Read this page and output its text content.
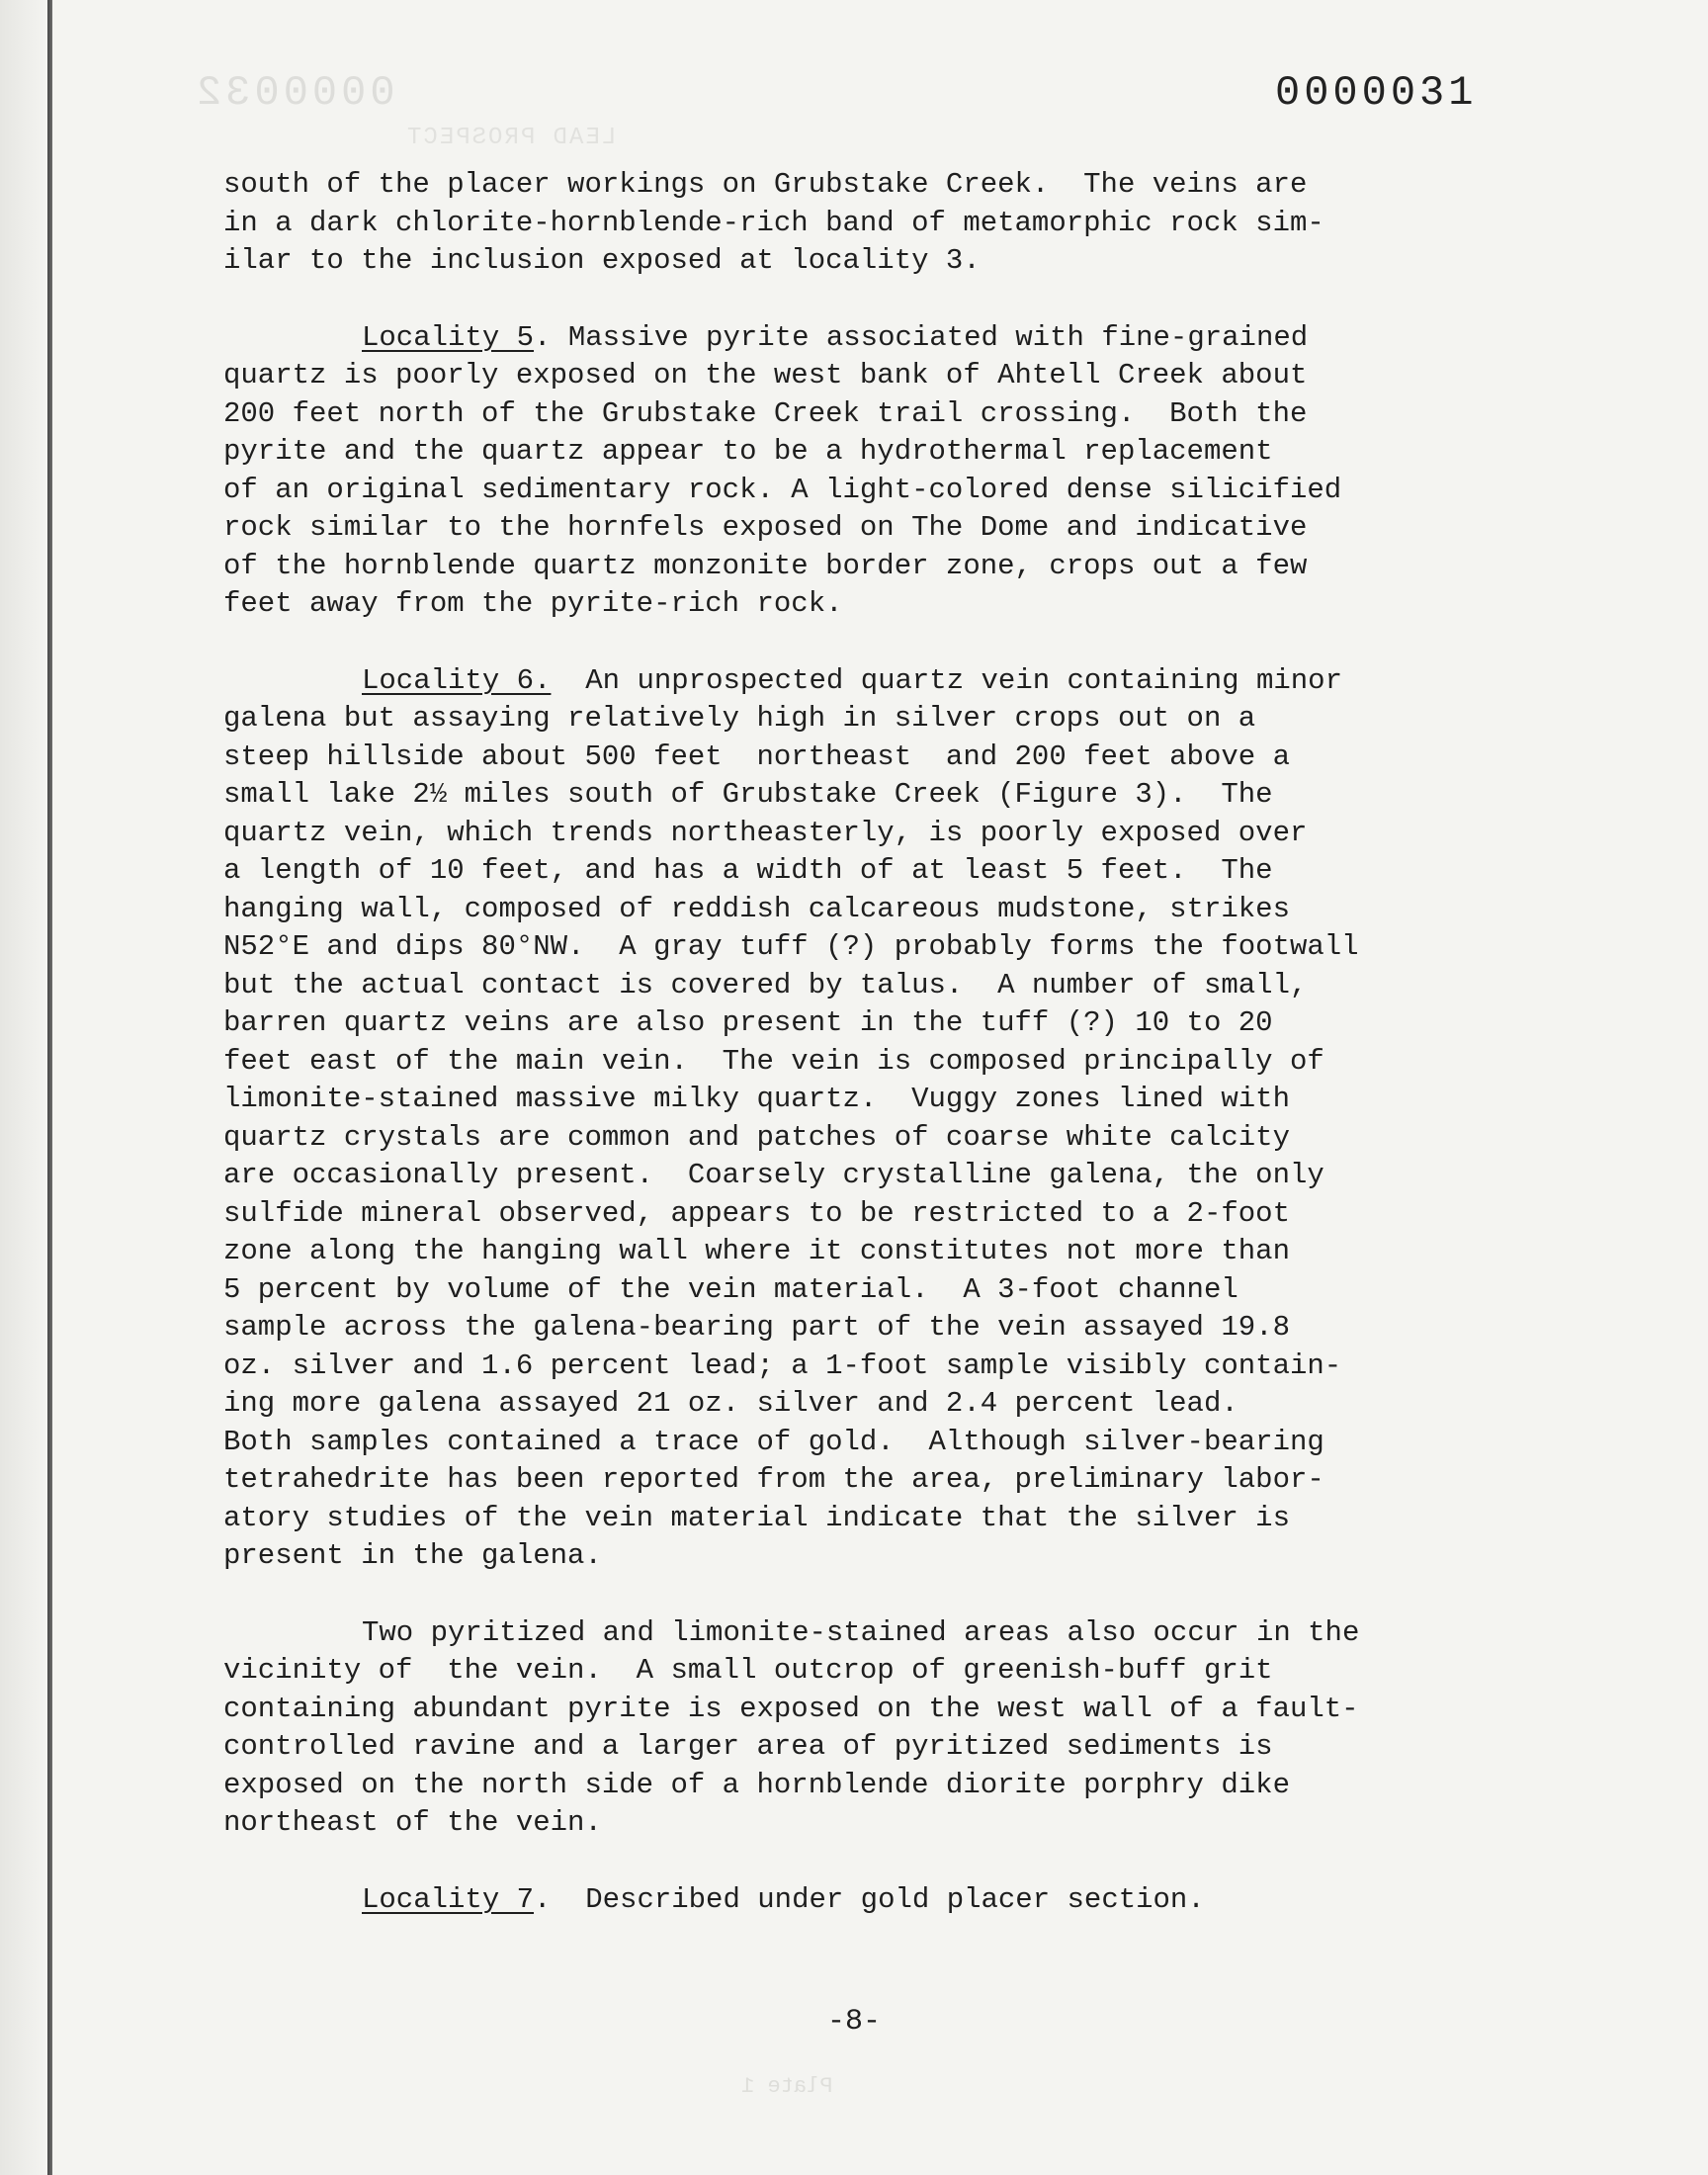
0000032
LEAD PROSPECT
0000031

south of the placer workings on Grubstake Creek.  The veins are
in a dark chlorite-hornblende-rich band of metamorphic rock sim-
ilar to the inclusion exposed at locality 3.

Locality 5. Massive pyrite associated with fine-grained
quartz is poorly exposed on the west bank of Ahtell Creek about
200 feet north of the Grubstake Creek trail crossing.  Both the
pyrite and the quartz appear to be a hydrothermal replacement
of an original sedimentary rock. A light-colored dense silicified
rock similar to the hornfels exposed on The Dome and indicative
of the hornblende quartz monzonite border zone, crops out a few
feet away from the pyrite-rich rock.

Locality 6.  An unprospected quartz vein containing minor
galena but assaying relatively high in silver crops out on a
steep hillside about 500 feet  northeast  and 200 feet above a
small lake 2½ miles south of Grubstake Creek (Figure 3).  The
quartz vein, which trends northeasterly, is poorly exposed over
a length of 10 feet, and has a width of at least 5 feet.  The
hanging wall, composed of reddish calcareous mudstone, strikes
N52°E and dips 80°NW.  A gray tuff (?) probably forms the footwall
but the actual contact is covered by talus.  A number of small,
barren quartz veins are also present in the tuff (?) 10 to 20
feet east of the main vein.  The vein is composed principally of
limonite-stained massive milky quartz.  Vuggy zones lined with
quartz crystals are common and patches of coarse white calcity
are occasionally present.  Coarsely crystalline galena, the only
sulfide mineral observed, appears to be restricted to a 2-foot
zone along the hanging wall where it constitutes not more than
5 percent by volume of the vein material.  A 3-foot channel
sample across the galena-bearing part of the vein assayed 19.8
oz. silver and 1.6 percent lead; a 1-foot sample visibly contain-
ing more galena assayed 21 oz. silver and 2.4 percent lead.
Both samples contained a trace of gold.  Although silver-bearing
tetrahedrite has been reported from the area, preliminary labor-
atory studies of the vein material indicate that the silver is
present in the galena.

Two pyritized and limonite-stained areas also occur in the
vicinity of  the vein.  A small outcrop of greenish-buff grit
containing abundant pyrite is exposed on the west wall of a fault-
controlled ravine and a larger area of pyritized sediments is
exposed on the north side of a hornblende diorite porphry dike
northeast of the vein.

Locality 7.  Described under gold placer section.

-8-
Plate 1
